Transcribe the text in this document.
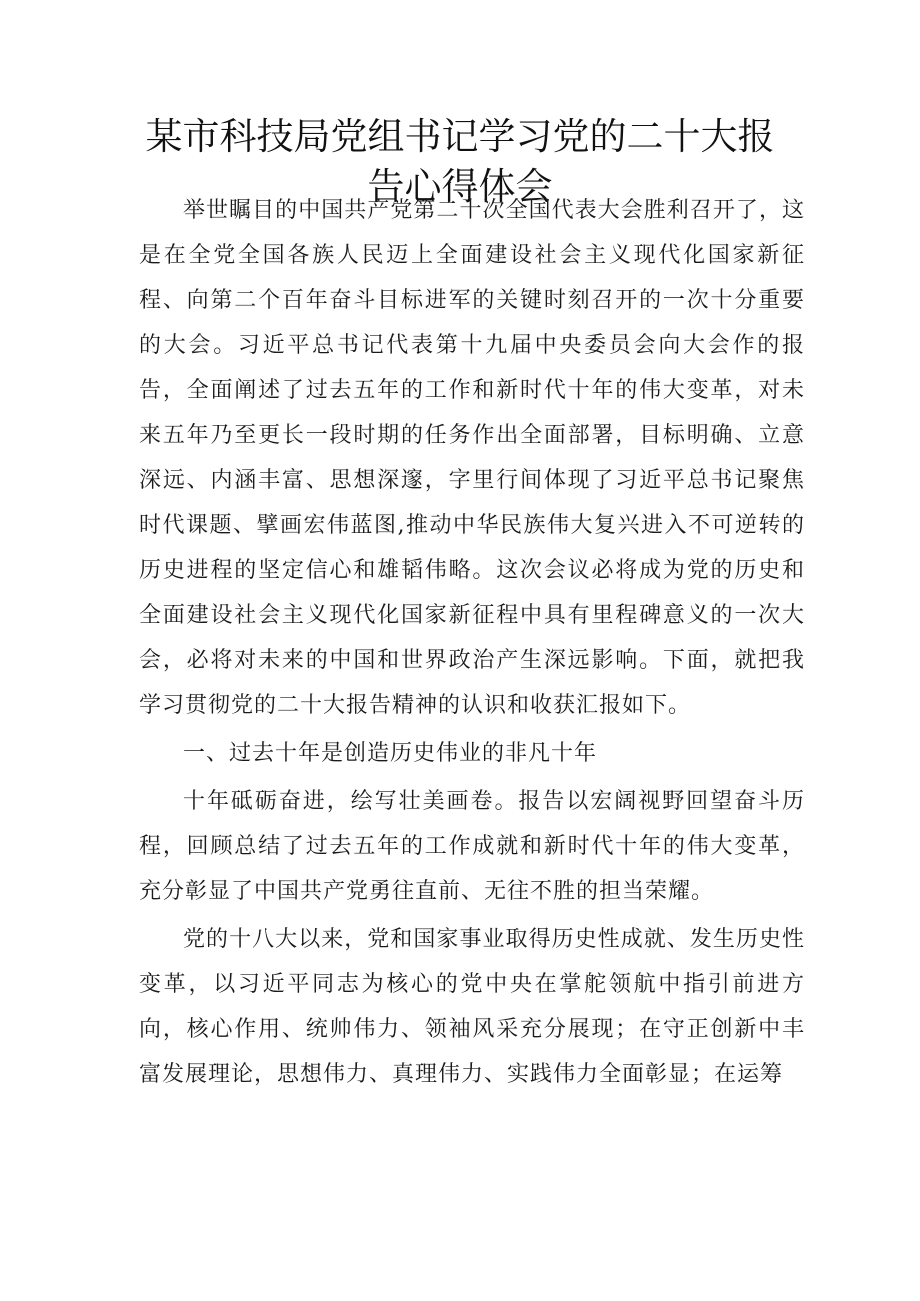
某市科技局党组书记学习党的二十大报
告心得体会

举世瞩目的中国共产党第二十次全国代表大会胜利召开了，这是在全党全国各族人民迈上全面建设社会主义现代化国家新征程、向第二个百年奋斗目标进军的关键时刻召开的一次十分重要的大会。习近平总书记代表第十九届中央委员会向大会作的报告，全面阐述了过去五年的工作和新时代十年的伟大变革，对未来五年乃至更长一段时期的任务作出全面部署，目标明确、立意深远、内涵丰富、思想深邃，字里行间体现了习近平总书记聚焦时代课题、擘画宏伟蓝图,推动中华民族伟大复兴进入不可逆转的历史进程的坚定信心和雄韬伟略。这次会议必将成为党的历史和全面建设社会主义现代化国家新征程中具有里程碑意义的一次大会，必将对未来的中国和世界政治产生深远影响。下面，就把我学习贯彻党的二十大报告精神的认识和收获汇报如下。

一、过去十年是创造历史伟业的非凡十年

十年砥砺奋进，绘写壮美画卷。报告以宏阔视野回望奋斗历程，回顾总结了过去五年的工作成就和新时代十年的伟大变革，充分彰显了中国共产党勇往直前、无往不胜的担当荣耀。

党的十八大以来，党和国家事业取得历史性成就、发生历史性变革，以习近平同志为核心的党中央在掌舵领航中指引前进方向，核心作用、统帅伟力、领袖风采充分展现；在守正创新中丰富发展理论，思想伟力、真理伟力、实践伟力全面彰显；在运筹
